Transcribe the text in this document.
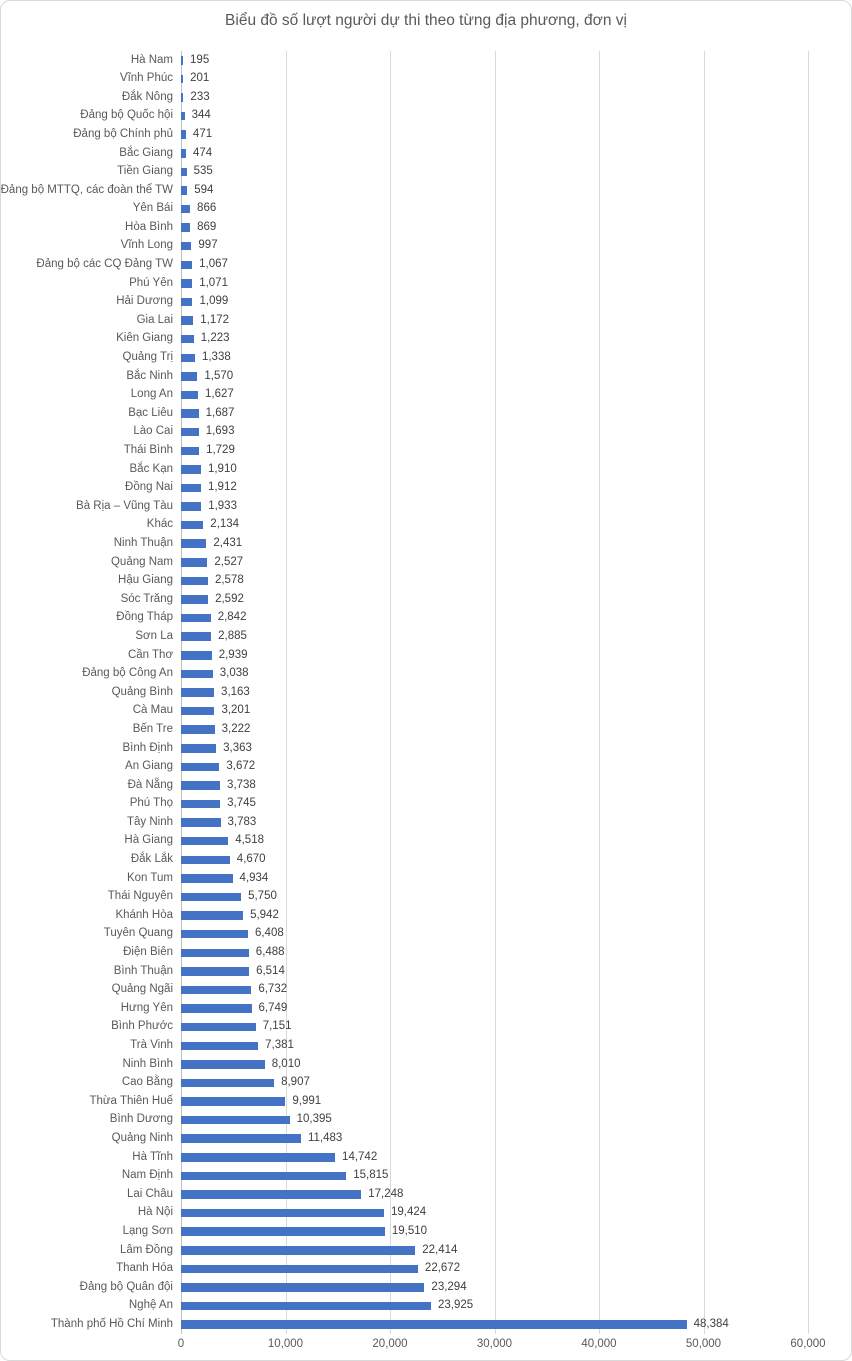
Biểu đồ số lượt người dự thi theo từng địa phương, đơn vị
Hà Nam 195
Vĩnh Phúc 201
Đắk Nông 233
Đảng bộ Quốc hội 344
Đảng bộ Chính phủ 471
Bắc Giang 474
Tiền Giang 535
Đảng bộ MTTQ, các đoàn thể TW 594
Yên Bái 866
Hòa Bình 869
Vĩnh Long 997
Đảng bộ các CQ Đảng TW 1,067
Phú Yên 1,071
Hải Dương 1,099
Gia Lai 1,172
Kiên Giang 1,223
Quảng Trị	1,338
Bắc Ninh	1,570
Long An	1,627
Bạc Liêu	1,687
Lào Cai	1,693
Thái Bình	1,729
Bắc Kạn	1,910
Đồng Nai	1,912
Bà Rịa – Vũng Tàu	1,933
Khác	2,134
Ninh Thuận	2,431
Quảng Nam	2,527
Hậu Giang	2,578
Sóc Trăng	2,592
Đồng Tháp	2,842
Sơn La	2,885
Cần Thơ	2,939
Đảng bộ Công An	3,038
Quảng Bình	3,163
Cà Mau	3,201
Bến Tre	3,222
Bình Định	3,363
An Giang	3,672
Đà Nẵng	3,738
Phú Thọ	3,745
Tây Ninh	3,783
Hà Giang	4,518
Đắk Lắk	4,670
Kon Tum	4,934
Thái Nguyên	5,750
Khánh Hòa	5,942
Tuyên Quang	6,408
Điện Biên	6,488
Bình Thuận	6,514
Quảng Ngãi	6,732
Hưng Yên	6,749
Bình Phước	7,151
Trà Vinh	7,381
Ninh Bình	8,010
Cao Bằng	8,907
Thừa Thiên Huế	9,991
Bình Dương	10,395
Quảng Ninh	11,483
Hà Tĩnh	14,742
Nam Định	15,815
Lai Châu	17,248
Hà Nội	19,424
Lạng Sơn	19,510
Lâm Đồng	22,414
Thanh Hóa	22,672
Đảng bộ Quân đội	23,294
Nghệ An	23,925
Thành phố Hồ Chí Minh	48,384
0	10,000	20,000	30,000	40,000	50,000	60,000
